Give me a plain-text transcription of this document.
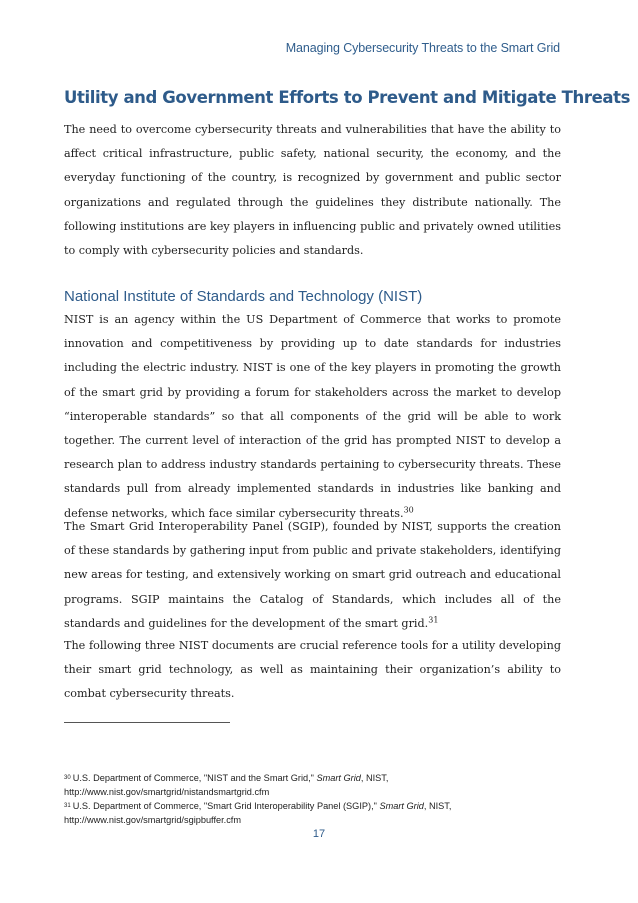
Managing Cybersecurity Threats to the Smart Grid
Utility and Government Efforts to Prevent and Mitigate Threats

The need to overcome cybersecurity threats and vulnerabilities that have the ability to affect critical infrastructure, public safety, national security, the economy, and the everyday functioning of the country, is recognized by government and public sector organizations and regulated through the guidelines they distribute nationally. The following institutions are key players in influencing public and privately owned utilities to comply with cybersecurity policies and standards.

National Institute of Standards and Technology (NIST)

NIST is an agency within the US Department of Commerce that works to promote innovation and competitiveness by providing up to date standards for industries including the electric industry. NIST is one of the key players in promoting the growth of the smart grid by providing a forum for stakeholders across the market to develop “interoperable standards” so that all components of the grid will be able to work together. The current level of interaction of the grid has prompted NIST to develop a research plan to address industry standards pertaining to cybersecurity threats. These standards pull from already implemented standards in industries like banking and defense networks, which face similar cybersecurity threats.$^{30}$

The Smart Grid Interoperability Panel (SGIP), founded by NIST, supports the creation of these standards by gathering input from public and private stakeholders, identifying new areas for testing, and extensively working on smart grid outreach and educational programs. SGIP maintains the Catalog of Standards, which includes all of the standards and guidelines for the development of the smart grid.$^{31}$

The following three NIST documents are crucial reference tools for a utility developing their smart grid technology, as well as maintaining their organization’s ability to combat cybersecurity threats.

$^{30}$ U.S. Department of Commerce, "NIST and the Smart Grid," Smart Grid, NIST,
http://www.nist.gov/smartgrid/nistandsmartgrid.cfm
$^{31}$ U.S. Department of Commerce, "Smart Grid Interoperability Panel (SGIP)," Smart Grid, NIST,
http://www.nist.gov/smartgrid/sgipbuffer.cfm
17
